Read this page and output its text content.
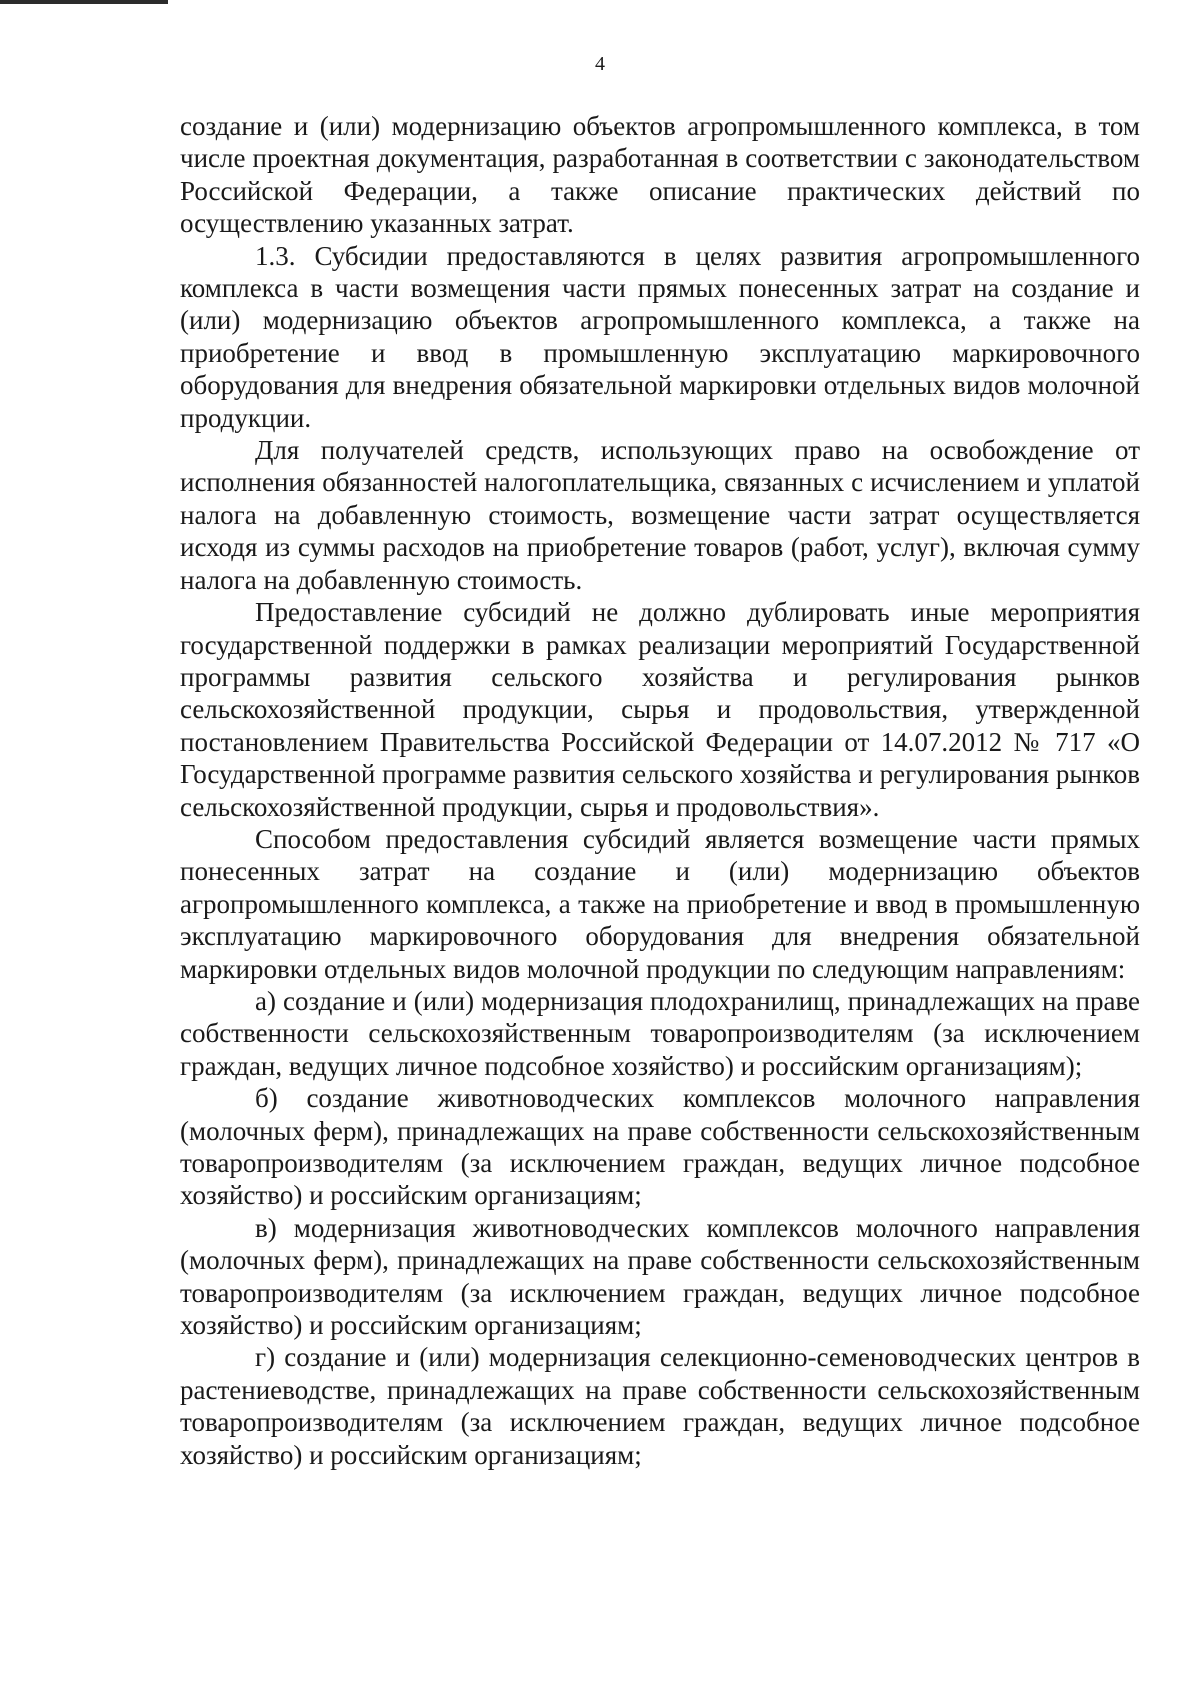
4

создание и (или) модернизацию объектов агропромышленного комплекса, в том числе проектная документация, разработанная в соответствии с законодательством Российской Федерации, а также описание практических действий по осуществлению указанных затрат.

1.3. Субсидии предоставляются в целях развития агропромышленного комплекса в части возмещения части прямых понесенных затрат на создание и (или) модернизацию объектов агропромышленного комплекса, а также на приобретение и ввод в промышленную эксплуатацию маркировочного оборудования для внедрения обязательной маркировки отдельных видов молочной продукции.

Для получателей средств, использующих право на освобождение от исполнения обязанностей налогоплательщика, связанных с исчислением и уплатой налога на добавленную стоимость, возмещение части затрат осуществляется исходя из суммы расходов на приобретение товаров (работ, услуг), включая сумму налога на добавленную стоимость.

Предоставление субсидий не должно дублировать иные мероприятия государственной поддержки в рамках реализации мероприятий Государственной программы развития сельского хозяйства и регулирования рынков сельскохозяйственной продукции, сырья и продовольствия, утвержденной постановлением Правительства Российской Федерации от 14.07.2012 № 717 «О Государственной программе развития сельского хозяйства и регулирования рынков сельскохозяйственной продукции, сырья и продовольствия».

Способом предоставления субсидий является возмещение части прямых понесенных затрат на создание и (или) модернизацию объектов агропромышленного комплекса, а также на приобретение и ввод в промышленную эксплуатацию маркировочного оборудования для внедрения обязательной маркировки отдельных видов молочной продукции по следующим направлениям:

а) создание и (или) модернизация плодохранилищ, принадлежащих на праве собственности сельскохозяйственным товаропроизводителям (за исключением граждан, ведущих личное подсобное хозяйство) и российским организациям);

б) создание животноводческих комплексов молочного направления (молочных ферм), принадлежащих на праве собственности сельскохозяйственным товаропроизводителям (за исключением граждан, ведущих личное подсобное хозяйство) и российским организациям;

в) модернизация животноводческих комплексов молочного направления (молочных ферм), принадлежащих на праве собственности сельскохозяйственным товаропроизводителям (за исключением граждан, ведущих личное подсобное хозяйство) и российским организациям;

г) создание и (или) модернизация селекционно-семеноводческих центров в растениеводстве, принадлежащих на праве собственности сельскохозяйственным товаропроизводителям (за исключением граждан, ведущих личное подсобное хозяйство) и российским организациям;
